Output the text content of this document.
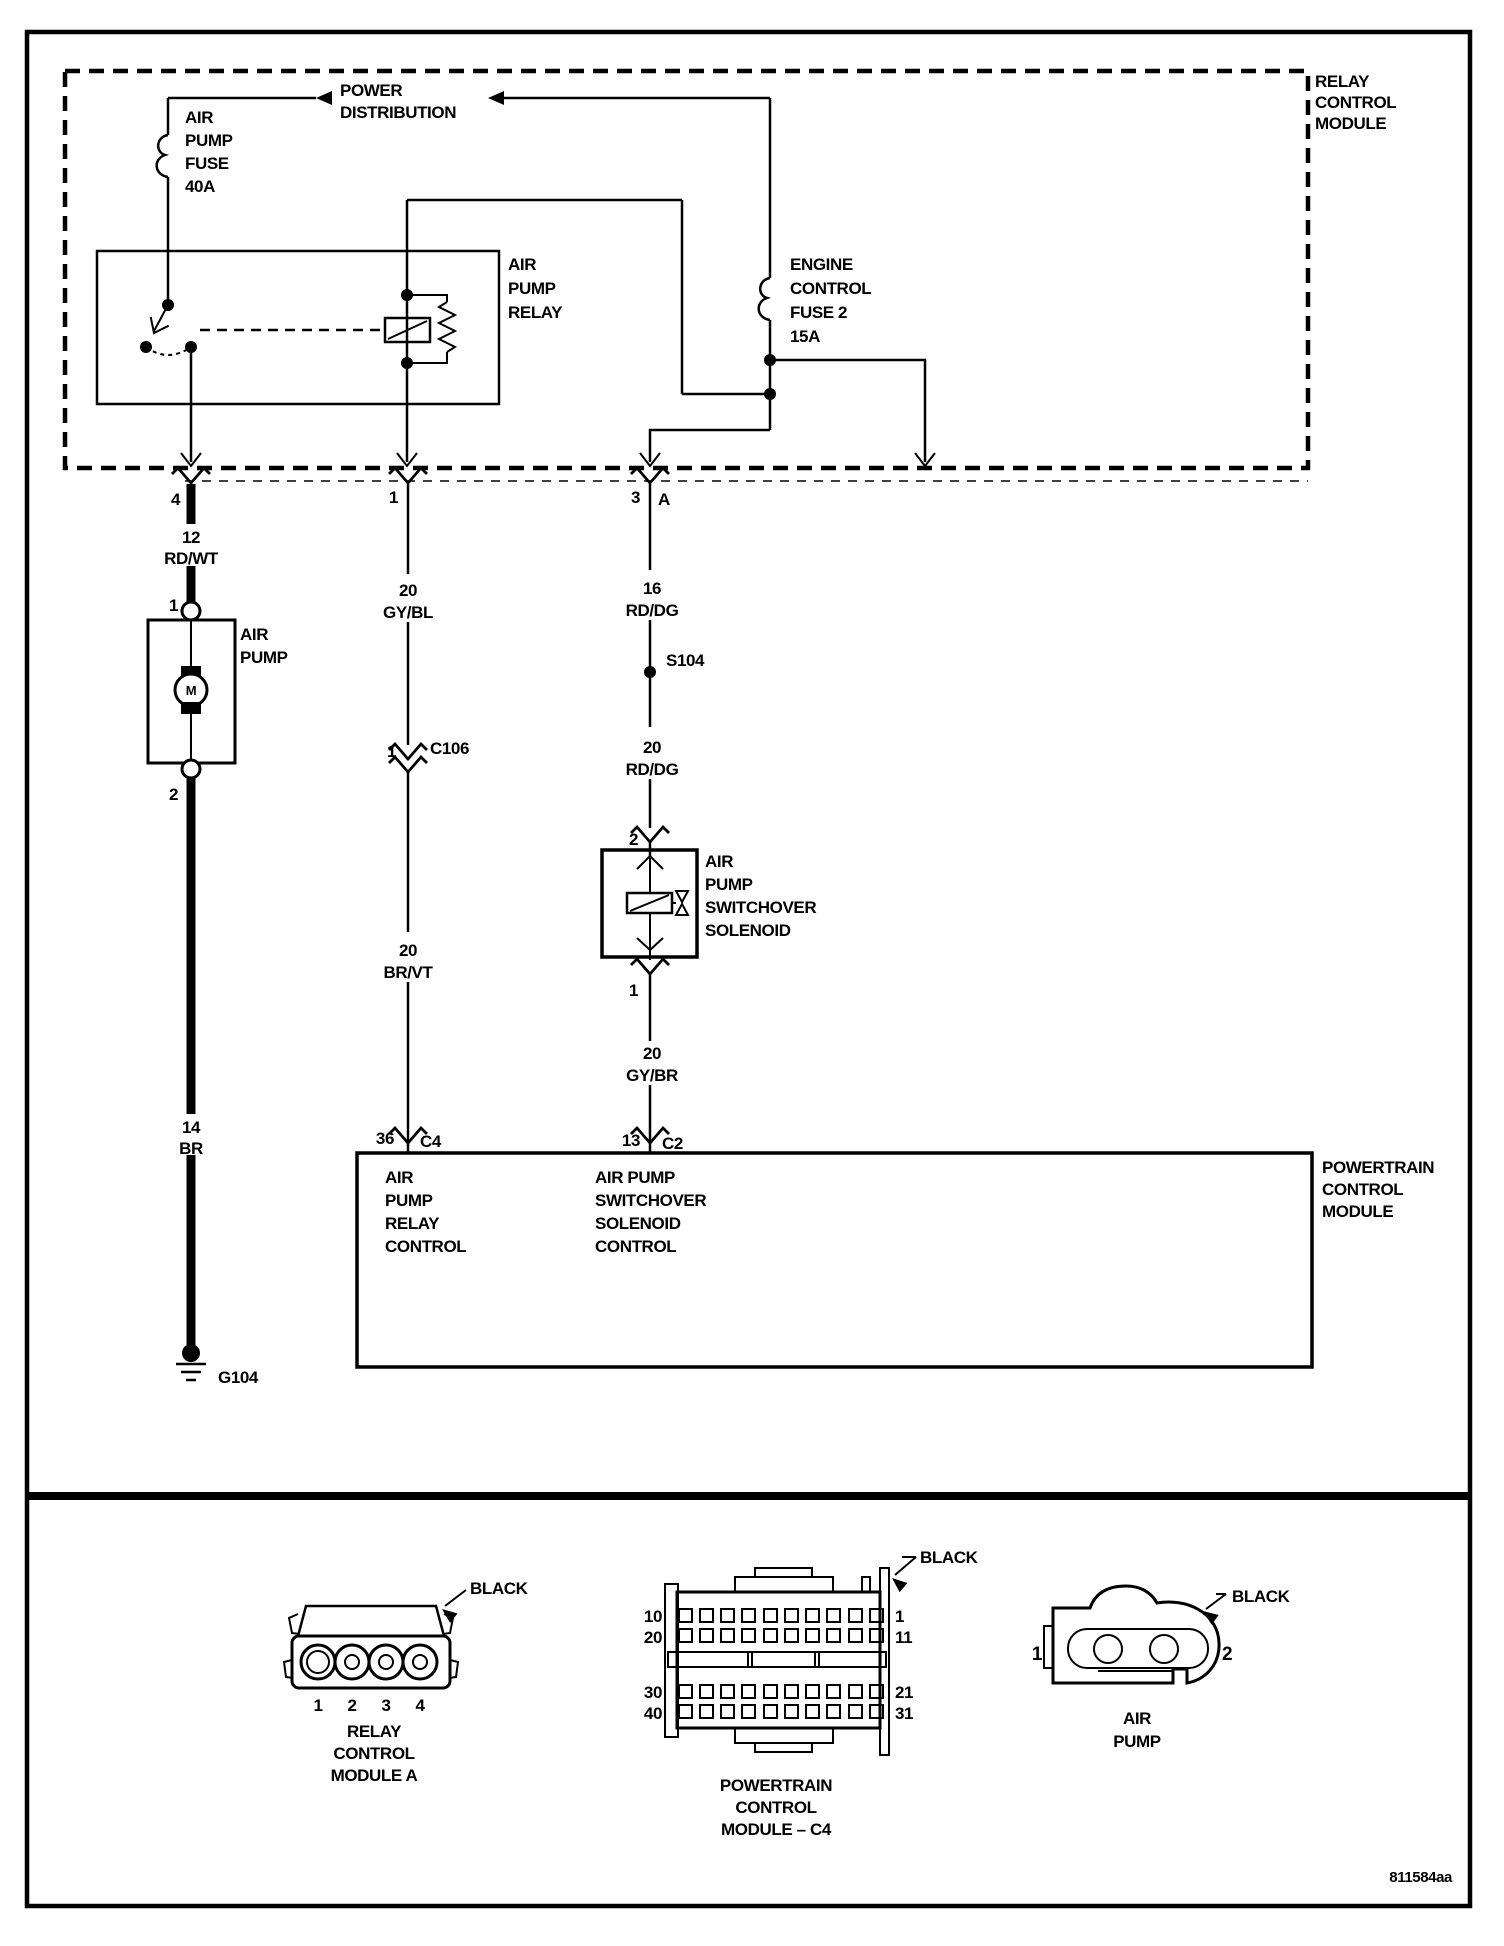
RELAY
CONTROL
MODULE
POWER
DISTRIBUTION
AIR
PUMP
FUSE
40A
ENGINE
CONTROL
FUSE 2
15A
AIR
PUMP
RELAY
4	1	3 A
12
RD/WT
1
AIR
PUMP
M
2
14
BR
G104
20
GY/BL
1 C106
20
BR/VT
36 C4
16
RD/DG
S104
20
RD/DG
2
AIR
PUMP
SWITCHOVER
SOLENOID
1
20
GY/BR
13 C2
AIR
PUMP
RELAY
CONTROL
AIR PUMP
SWITCHOVER
SOLENOID
CONTROL
POWERTRAIN
CONTROL
MODULE
1 2 3 4
BLACK
RELAY
CONTROL
MODULE A
10
20
30
40
1
11
21
31
BLACK
POWERTRAIN
CONTROL
MODULE – C4
1	2
BLACK
AIR
PUMP
811584aa
